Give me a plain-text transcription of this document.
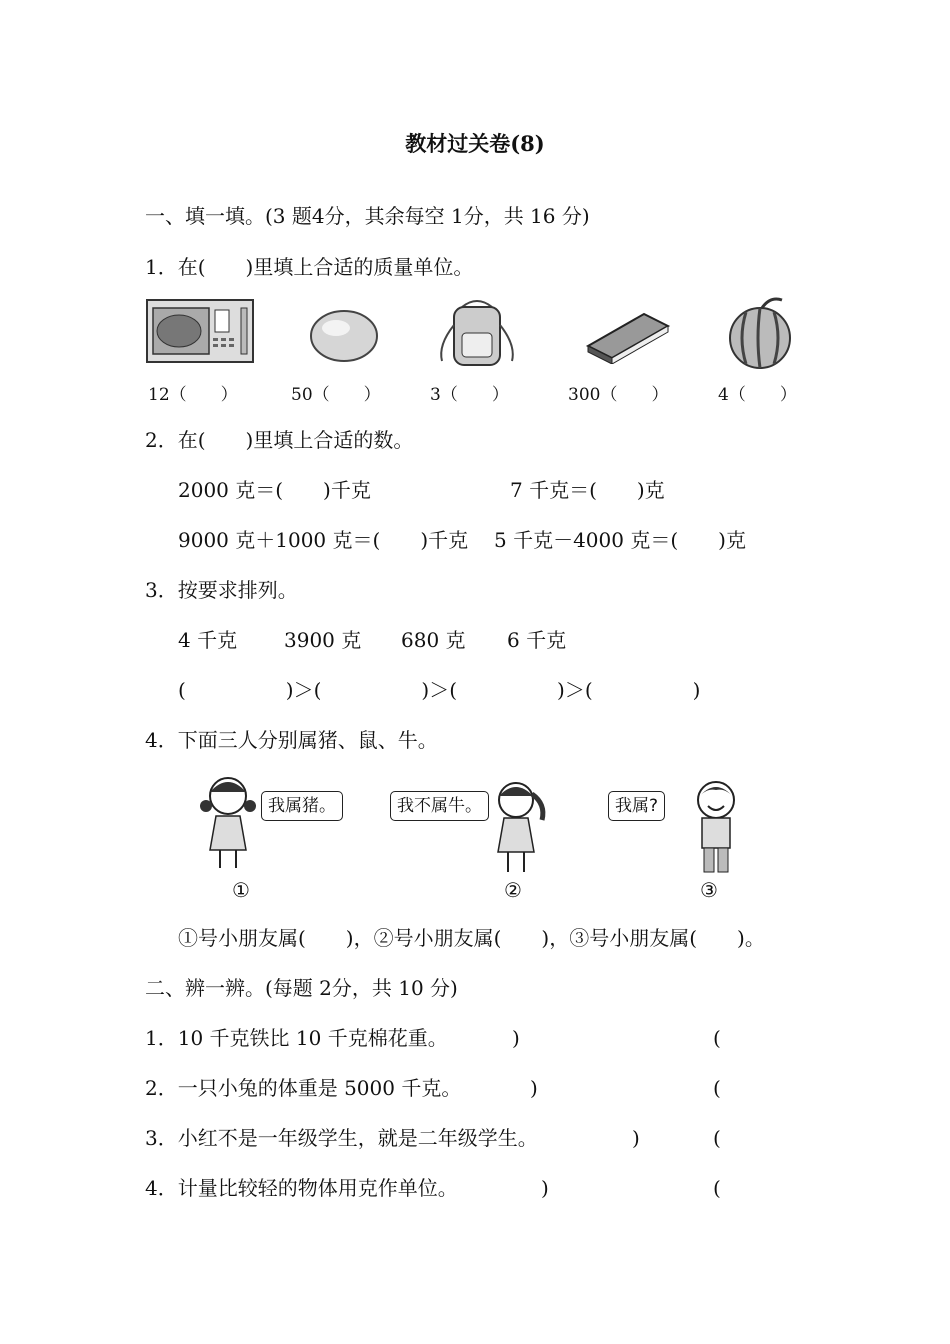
教材过关卷(8)
一、填一填。(3 题4分，其余每空 1分，共 16 分)
1．在(　　)里填上合适的质量单位。
12（　　）	50（　　）	3（　　）	300（　　）	4（　　）
2．在(　　)里填上合适的数。
2000 克＝(　　)千克	7 千克＝(　　)克
9000 克＋1000 克＝(　　)千克 5 千克－4000 克＝(　　)克
3．按要求排列。
4 千克 3900 克 680 克 6 千克
(　　　　　)＞(　　　　　)＞(　　　　　)＞(　　　　　)
4．下面三人分别属猪、鼠、牛。
我属猪。
①
我不属牛。
②
我属?
③
①号小朋友属(　　)，②号小朋友属(　　)，③号小朋友属(　　)。
二、辨一辨。(每题 2分，共 10 分)
1．10 千克铁比 10 千克棉花重。	)	(
2．一只小兔的体重是 5000 千克。	)	(
3．小红不是一年级学生，就是二年级学生。	)	(
4．计量比较轻的物体用克作单位。	)	(
